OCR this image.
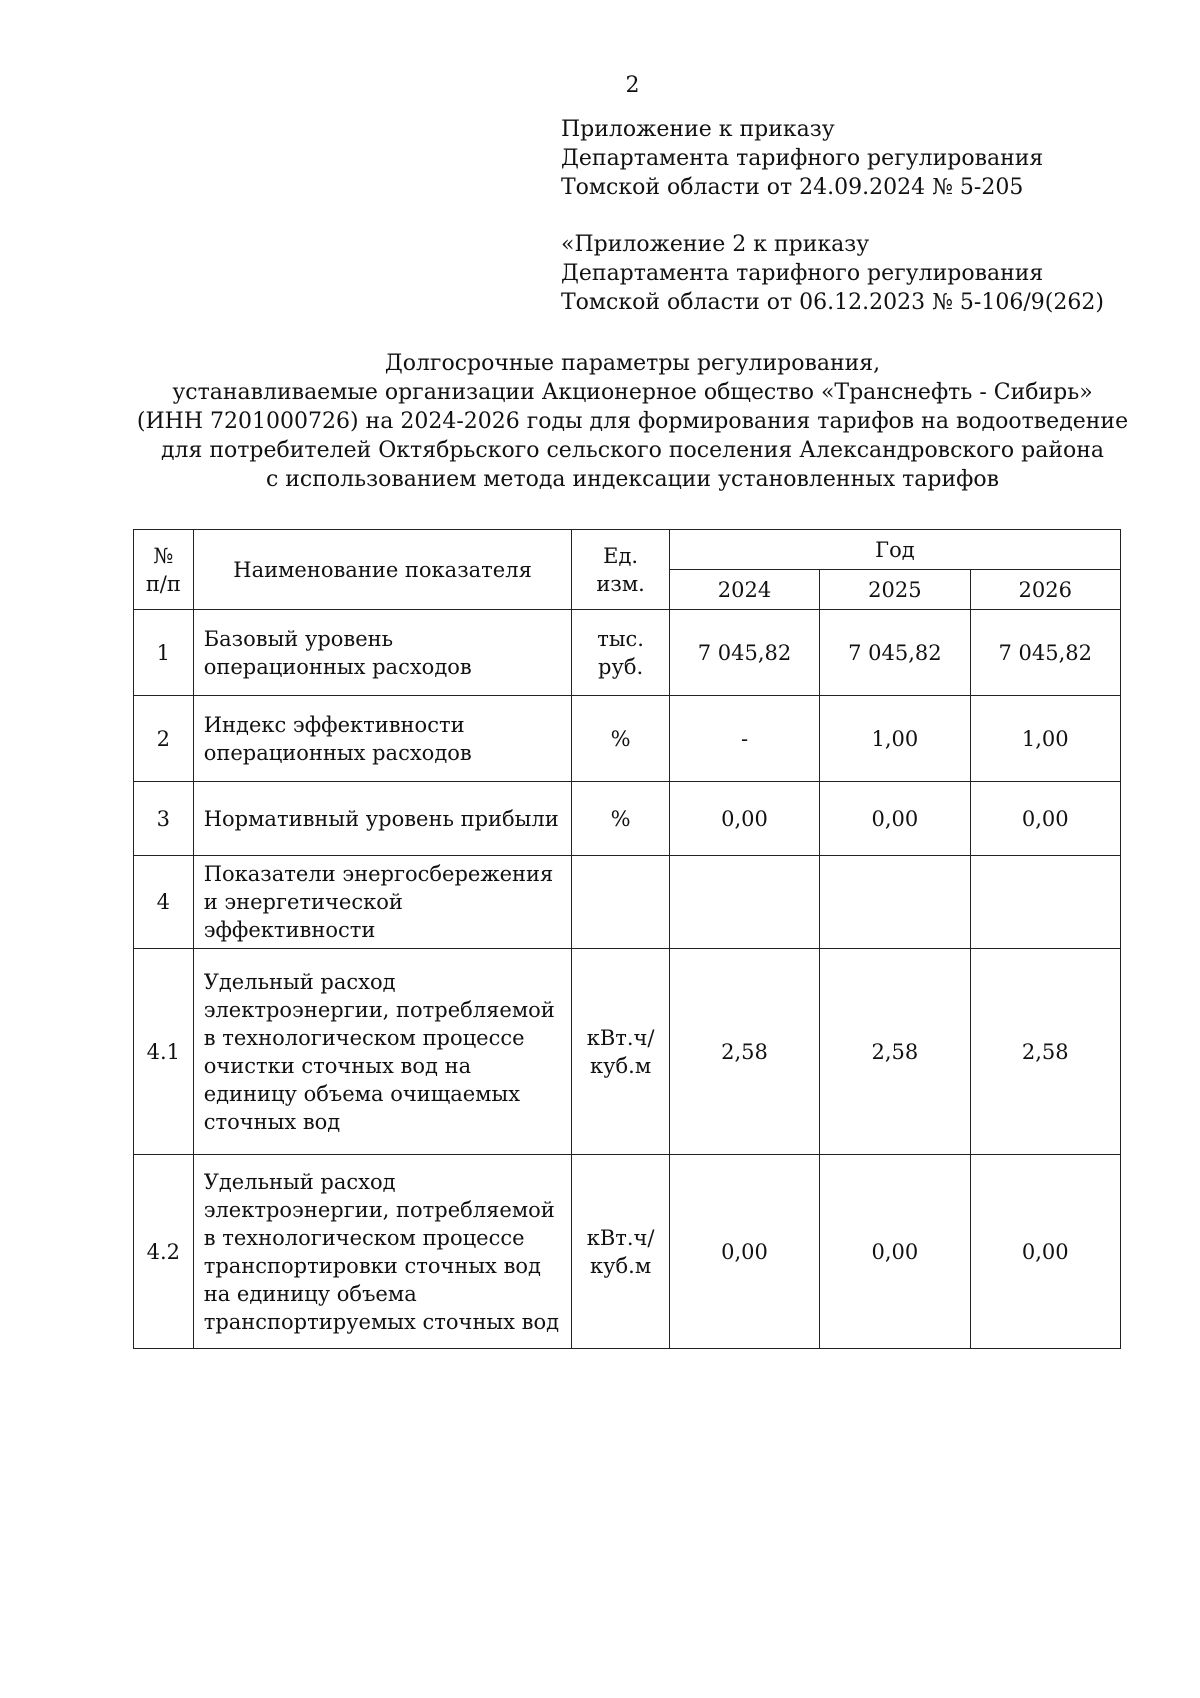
2
Приложение к приказу
Департамента тарифного регулирования
Томской области от 24.09.2024 № 5-205
«Приложение 2 к приказу
Департамента тарифного регулирования
Томской области от 06.12.2023 № 5-106/9(262)
Долгосрочные параметры регулирования,
устанавливаемые организации Акционерное общество «Транснефть - Сибирь»
(ИНН 7201000726) на 2024-2026 годы для формирования тарифов на водоотведение
для потребителей Октябрьского сельского поселения Александровского района
с использованием метода индексации установленных тарифов
№ п/п	Наименование показателя	Ед. изм.	Год		
			2024	2025	2026
1	Базовый уровень операционных расходов	тыс. руб.	7 045,82	7 045,82	7 045,82
2	Индекс эффективности операционных расходов	%	-	1,00	1,00
3	Нормативный уровень прибыли	%	0,00	0,00	0,00
4	Показатели энергосбережения и энергетической эффективности				
4.1	Удельный расход электроэнергии, потребляемой в технологическом процессе очистки сточных вод на единицу объема очищаемых сточных вод	кВт.ч/ куб.м	2,58	2,58	2,58
4.2	Удельный расход электроэнергии, потребляемой в технологическом процессе транспортировки сточных вод на единицу объема транспортируемых сточных вод	кВт.ч/ куб.м	0,00	0,00	0,00
